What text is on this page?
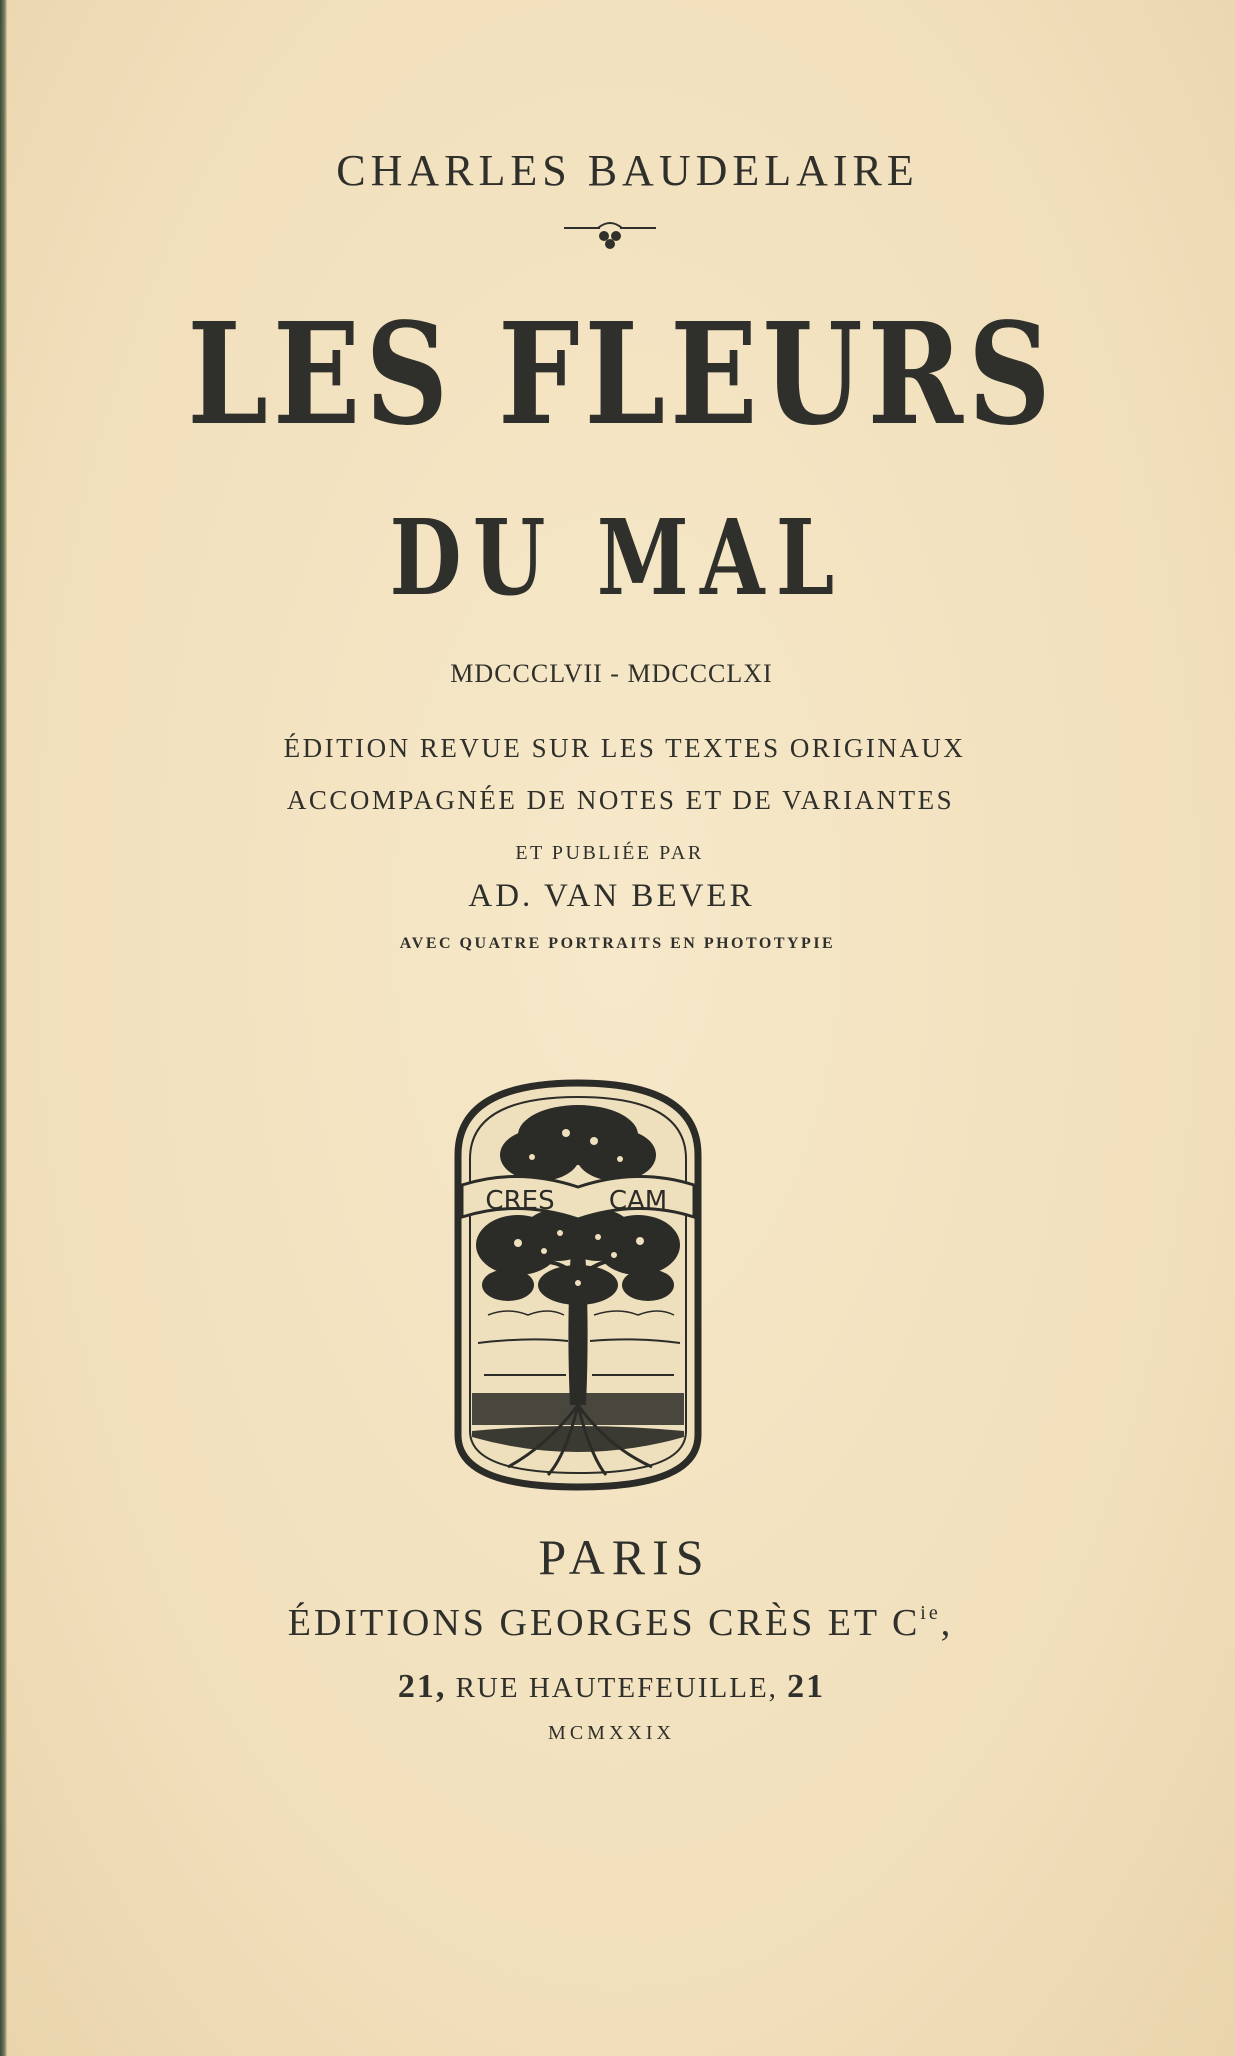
CHARLES BAUDELAIRE

LES FLEURS

DU MAL

MDCCCLVII - MDCCCLXI

ÉDITION REVUE SUR LES TEXTES ORIGINAUX

ACCOMPAGNÉE DE NOTES ET DE VARIANTES

ET PUBLIÉE PAR

AD. VAN BEVER

AVEC QUATRE PORTRAITS EN PHOTOTYPIE

CRES CAM

PARIS

ÉDITIONS GEORGES CRÈS ET $C^{ie}$,

21, RUE HAUTEFEUILLE, 21

MCMXXIX
